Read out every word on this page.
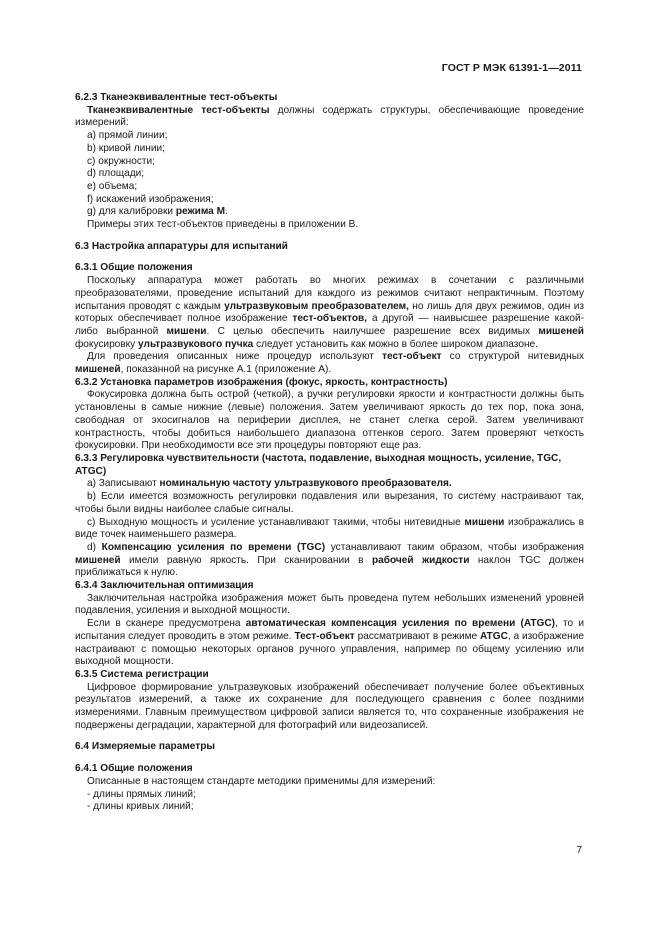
ГОСТ Р МЭК 61391-1—2011

6.2.3 Тканеэквивалентные тест-объекты

Тканеэквивалентные тест-объекты должны содержать структуры, обеспечивающие проведение измерений:

а) прямой линии;

b) кривой линии;

с) окружности;

d) площади;

е) объема;

f) искажений изображения;

g) для калибровки режима М.

Примеры этих тест-объектов приведены в приложении В.

6.3 Настройка аппаратуры для испытаний

6.3.1 Общие положения

Поскольку аппаратура может работать во многих режимах в сочетании с различными преобразователями, проведение испытаний для каждого из режимов считают непрактичным. Поэтому испытания проводят с каждым ультразвуковым преобразователем, но лишь для двух режимов, один из которых обеспечивает полное изображение тест-объектов, а другой — наивысшее разрешение какой-либо выбранной мишени. С целью обеспечить наилучшее разрешение всех видимых мишеней фокусировку ультразвукового пучка следует установить как можно в более широком диапазоне.

Для проведения описанных ниже процедур используют тест-объект со структурой нитевидных мишеней, показанной на рисунке А.1 (приложение А).

6.3.2 Установка параметров изображения (фокус, яркость, контрастность)

Фокусировка должна быть острой (четкой), а ручки регулировки яркости и контрастности должны быть установлены в самые нижние (левые) положения. Затем увеличивают яркость до тех пор, пока зона, свободная от эхосигналов на периферии дисплея, не станет слегка серой. Затем увеличивают контрастность, чтобы добиться наибольшего диапазона оттенков серого. Затем проверяют четкость фокусировки. При необходимости все эти процедуры повторяют еще раз.

6.3.3 Регулировка чувствительности (частота, подавление, выходная мощность, усиление, TGC, ATGC)

а) Записывают номинальную частоту ультразвукового преобразователя.

b) Если имеется возможность регулировки подавления или вырезания, то систему настраивают так, чтобы были видны наиболее слабые сигналы.

с) Выходную мощность и усиление устанавливают такими, чтобы нитевидные мишени изображались в виде точек наименьшего размера.

d) Компенсацию усиления по времени (TGC) устанавливают таким образом, чтобы изображения мишеней имели равную яркость. При сканировании в рабочей жидкости наклон TGC должен приближаться к нулю.

6.3.4 Заключительная оптимизация

Заключительная настройка изображения может быть проведена путем небольших изменений уровней подавления, усиления и выходной мощности.

Если в сканере предусмотрена автоматическая компенсация усиления по времени (ATGC), то и испытания следует проводить в этом режиме. Тест-объект рассматривают в режиме ATGC, а изображение настраивают с помощью некоторых органов ручного управления, например по общему усилению или выходной мощности.

6.3.5 Система регистрации

Цифровое формирование ультразвуковых изображений обеспечивает получение более объективных результатов измерений, а также их сохранение для последующего сравнения с более поздними измерениями. Главным преимуществом цифровой записи является то, что сохраненные изображения не подвержены деградации, характерной для фотографий или видеозаписей.

6.4 Измеряемые параметры

6.4.1 Общие положения

Описанные в настоящем стандарте методики применимы для измерений:

- длины прямых линий;

- длины кривых линий;

7
